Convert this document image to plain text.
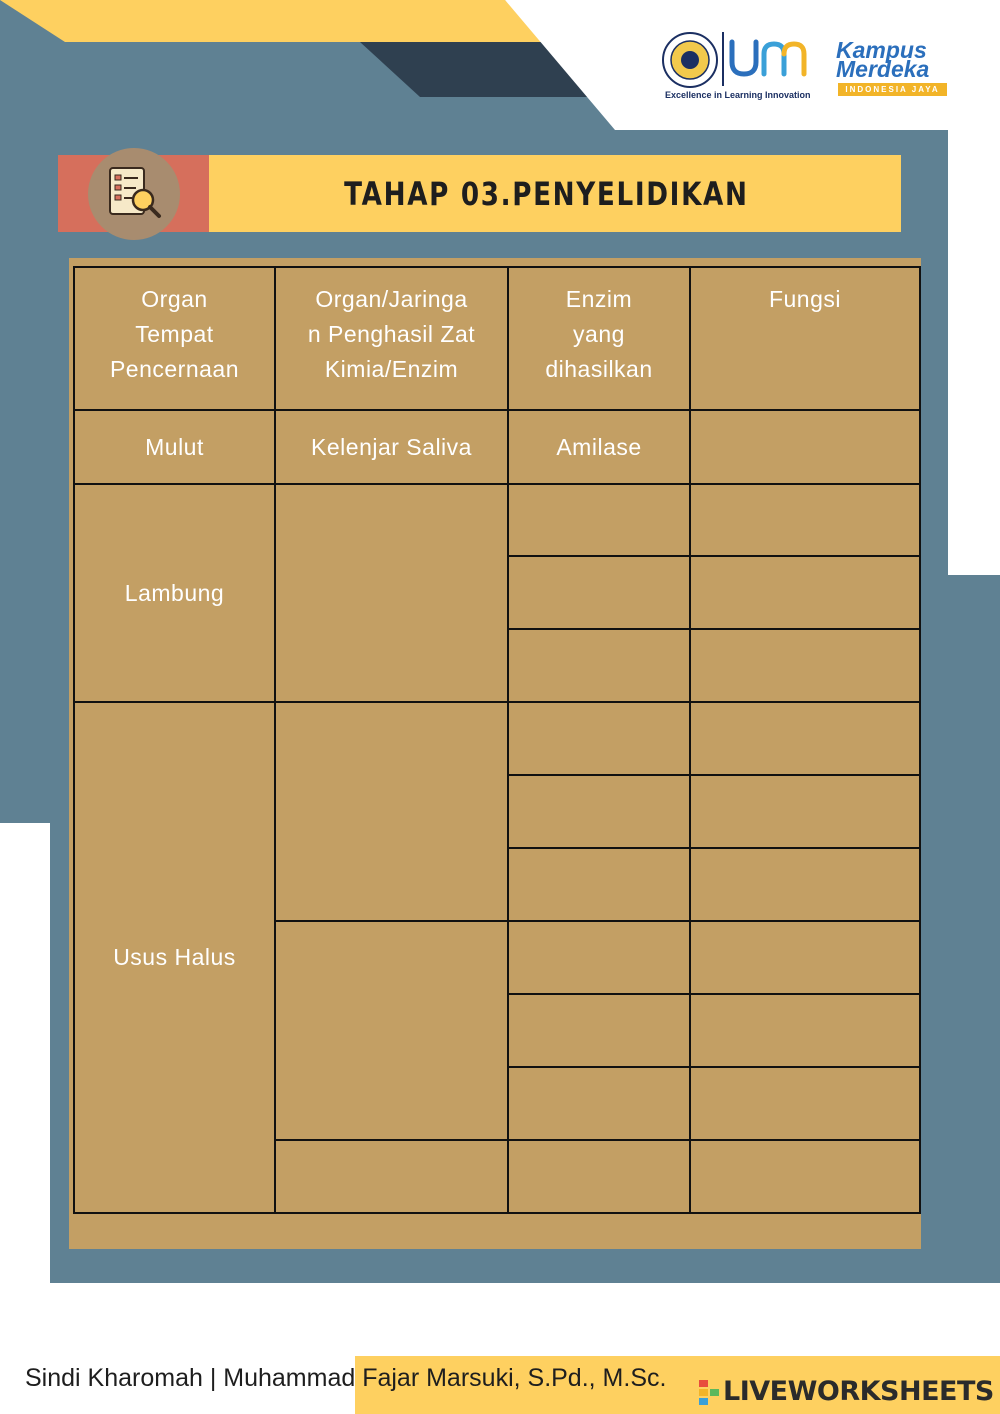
Excellence in Learning Innovation
Kampus
Merdeka
INDONESIA JAYA
TAHAP 03.PENYELIDIKAN
Organ
Tempat
Pencernaan
Organ/Jaringa
n Penghasil Zat
Kimia/Enzim
Enzim
yang
dihasilkan
Fungsi
Mulut	Kelenjar Saliva	Amilase
Lambung
Usus Halus
Sindi Kharomah | Muhammad Fajar Marsuki, S.Pd., M.Sc. LIVEWORKSHEETS
